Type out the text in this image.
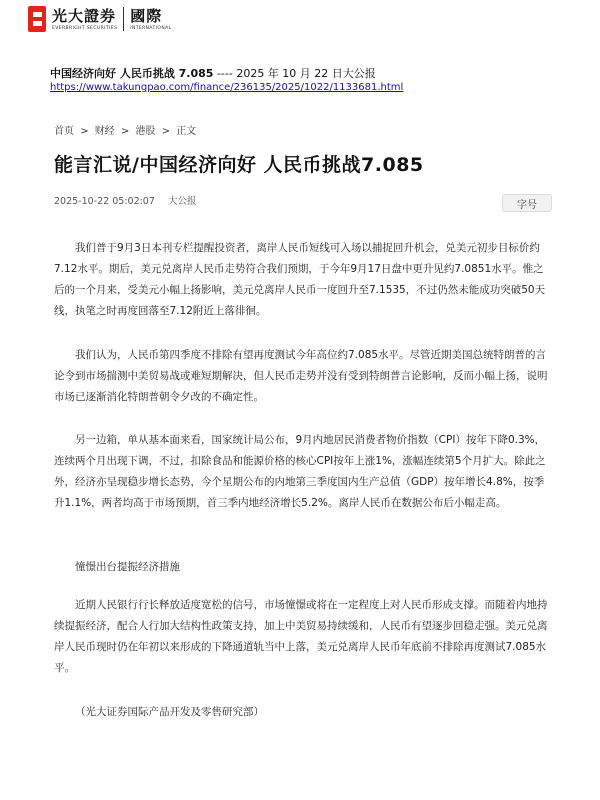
光大證券
EVERBRIGHT SECURITIES
國際
INTERNATIONAL
中国经济向好 人民币挑战 7.085 ---- 2025 年 10 月 22 日大公报
https://www.takungpao.com/finance/236135/2025/1022/1133681.html
首页 > 财经 > 港股 > 正文
能言汇说/中国经济向好 人民币挑战7.085
2025-10-22 05:02:07 大公报	字号

我们普于9月3日本刊专栏提醒投资者，离岸人民币短线可入场以捕捉回升机会，兑美元初步目标价约7.12水平。期后，美元兑离岸人民币走势符合我们预期，于今年9月17日盘中更升见约7.0851水平。惟之后的一个月来，受美元小幅上扬影响，美元兑离岸人民币一度回升至7.1535，不过仍然未能成功突破50天线，执笔之时再度回落至7.12附近上落徘徊。

我们认为，人民币第四季度不排除有望再度测试今年高位约7.085水平。尽管近期美国总统特朗普的言论令到市场揣测中美贸易战或难短期解决，但人民币走势并没有受到特朗普言论影响，反而小幅上扬，说明市场已逐渐消化特朗普朝令夕改的不确定性。

另一边箱，单从基本面来看，国家统计局公布，9月内地居民消费者物价指数（CPI）按年下降0.3%，连续两个月出现下调，不过，扣除食品和能源价格的核心CPI按年上涨1%，涨幅连续第5个月扩大。除此之外，经济亦呈现稳步增长态势，今个星期公布的内地第三季度国内生产总值（GDP）按年增长4.8%，按季升1.1%，两者均高于市场预期，首三季内地经济增长5.2%。离岸人民币在数据公布后小幅走高。

憧憬出台提振经济措施

近期人民银行行长释放适度宽松的信号，市场憧憬或将在一定程度上对人民币形成支撑。而随着内地持续提振经济，配合人行加大结构性政策支持，加上中美贸易持续缓和，人民币有望逐步回稳走强。美元兑离岸人民币现时仍在年初以来形成的下降通道轨当中上落，美元兑离岸人民币年底前不排除再度测试7.085水平。

（光大证券国际产品开发及零售研究部）
